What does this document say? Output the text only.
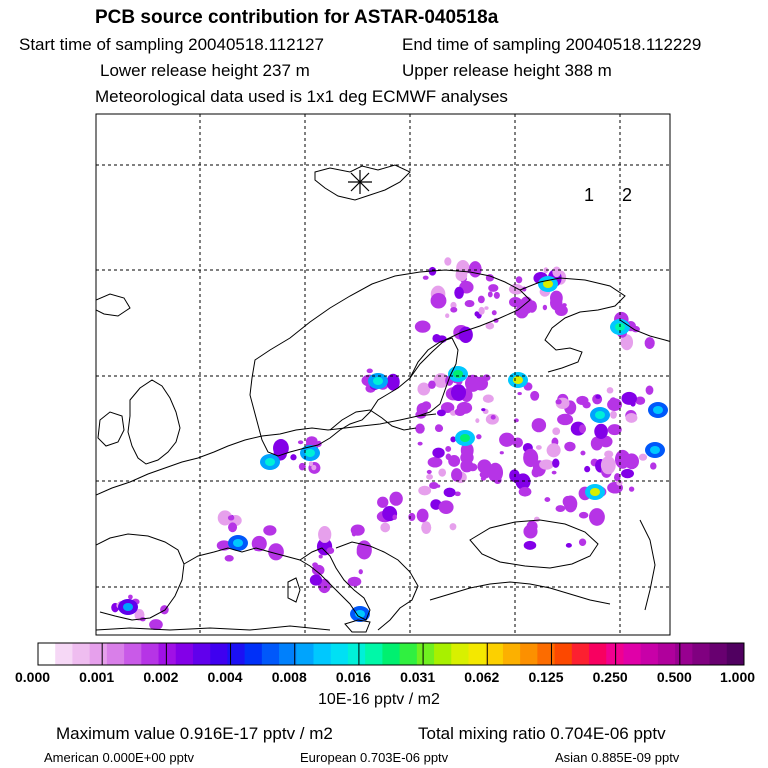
PCB source contribution for ASTAR-040518a
Start time of sampling 20040518.112127	End time of sampling 20040518.112229
Lower release height 237 m	Upper release height 388 m
Meteorological data used is 1x1 deg ECMWF analyses
1 2
0.000 0.001 0.002 0.004 0.008 0.016 0.031 0.062 0.125 0.250 0.500 1.000
10E-16 pptv / m2
Maximum value 0.916E-17 pptv / m2	Total mixing ratio 0.704E-06 pptv
American 0.000E+00 pptv	European 0.703E-06 pptv	Asian 0.885E-09 pptv
